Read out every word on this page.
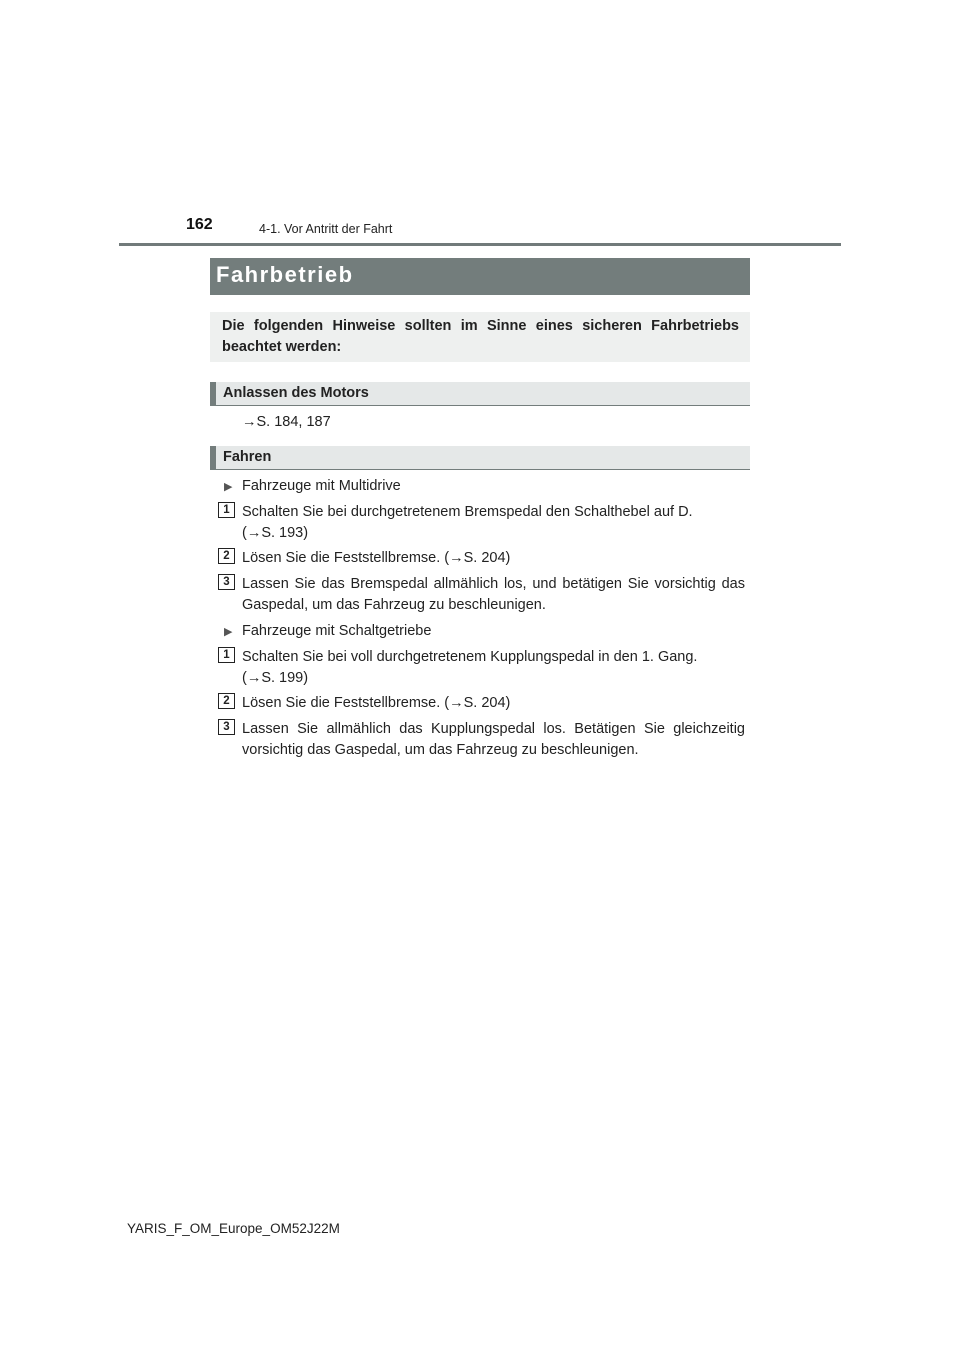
162	4-1. Vor Antritt der Fahrt
Fahrbetrieb
Die folgenden Hinweise sollten im Sinne eines sicheren Fahrbetriebs beachtet werden:
Anlassen des Motors
→S. 184, 187
Fahren
▶ Fahrzeuge mit Multidrive
1 Schalten Sie bei durchgetretenem Bremspedal den Schalthebel auf D.
(→S. 193)
2 Lösen Sie die Feststellbremse. (→S. 204)
3 Lassen Sie das Bremspedal allmählich los, und betätigen Sie vorsichtig das Gaspedal, um das Fahrzeug zu beschleunigen.
▶ Fahrzeuge mit Schaltgetriebe
1 Schalten Sie bei voll durchgetretenem Kupplungspedal in den 1. Gang.
(→S. 199)
2 Lösen Sie die Feststellbremse. (→S. 204)
3 Lassen Sie allmählich das Kupplungspedal los. Betätigen Sie gleichzeitig vorsichtig das Gaspedal, um das Fahrzeug zu beschleunigen.
YARIS_F_OM_Europe_OM52J22M
